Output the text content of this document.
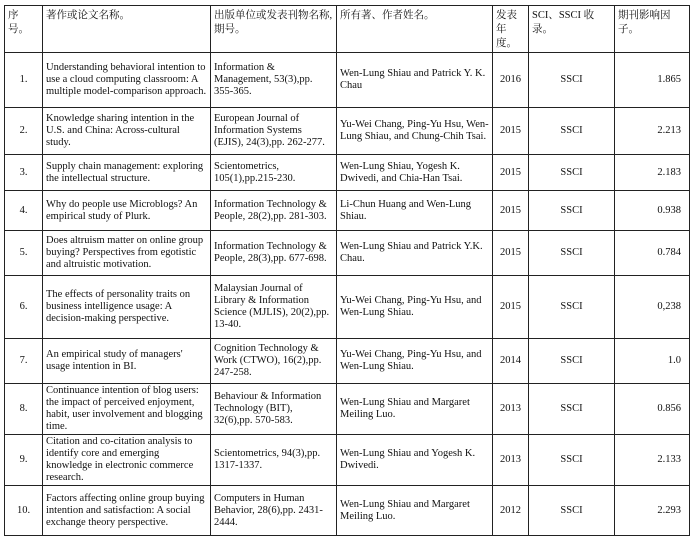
序号。	著作或论文名称。	出版单位或发表刊物名称,期号。	所有著、作者姓名。	发表年度。	SCI、SSCI 收录。	期刊影响因子。
1.	Understanding behavioral intention to use a cloud computing classroom: A multiple model-comparison approach.	Information & Management, 53(3),pp. 355-365.	Wen-Lung Shiau and Patrick Y. K. Chau	2016	SSCI	1.865
2.	Knowledge sharing intention in the U.S. and China: Across-cultural study.	European Journal of Information Systems (EJIS), 24(3),pp. 262-277.	Yu-Wei Chang, Ping-Yu Hsu, Wen-Lung Shiau, and Chung-Chih Tsai.	2015	SSCI	2.213
3.	Supply chain management: exploring the intellectual structure.	Scientometrics, 105(1),pp.215-230.	Wen-Lung Shiau, Yogesh K. Dwivedi, and Chia-Han Tsai.	2015	SSCI	2.183
4.	Why do people use Microblogs? An empirical study of Plurk.	Information Technology & People, 28(2),pp. 281-303.	Li-Chun Huang and Wen-Lung Shiau.	2015	SSCI	0.938
5.	Does altruism matter on online group buying? Perspectives from egotistic and altruistic motivation.	Information Technology & People, 28(3),pp. 677-698.	Wen-Lung Shiau and Patrick Y.K. Chau.	2015	SSCI	0.784
6.	The effects of personality traits on business intelligence usage: A decision-making perspective.	Malaysian Journal of Library & Information Science (MJLIS), 20(2),pp. 13-40.	Yu-Wei Chang, Ping-Yu Hsu, and Wen-Lung Shiau.	2015	SSCI	0,238
7.	An empirical study of managers' usage intention in BI.	Cognition Technology & Work (CTWO), 16(2),pp. 247-258.	Yu-Wei Chang, Ping-Yu Hsu, and Wen-Lung Shiau.	2014	SSCI	1.0
8.	Continuance intention of blog users: the impact of perceived enjoyment, habit, user involvement and blogging time.	Behaviour & Information Technology (BIT), 32(6),pp. 570-583.	Wen-Lung Shiau and Margaret Meiling Luo.	2013	SSCI	0.856
9.	Citation and co-citation analysis to identify core and emerging knowledge in electronic commerce research.	Scientometrics, 94(3),pp. 1317-1337.	Wen-Lung Shiau and Yogesh K. Dwivedi.	2013	SSCI	2.133
10.	Factors affecting online group buying intention and satisfaction: A social exchange theory perspective.	Computers in Human Behavior, 28(6),pp. 2431-2444.	Wen-Lung Shiau and Margaret Meiling Luo.	2012	SSCI	2.293
